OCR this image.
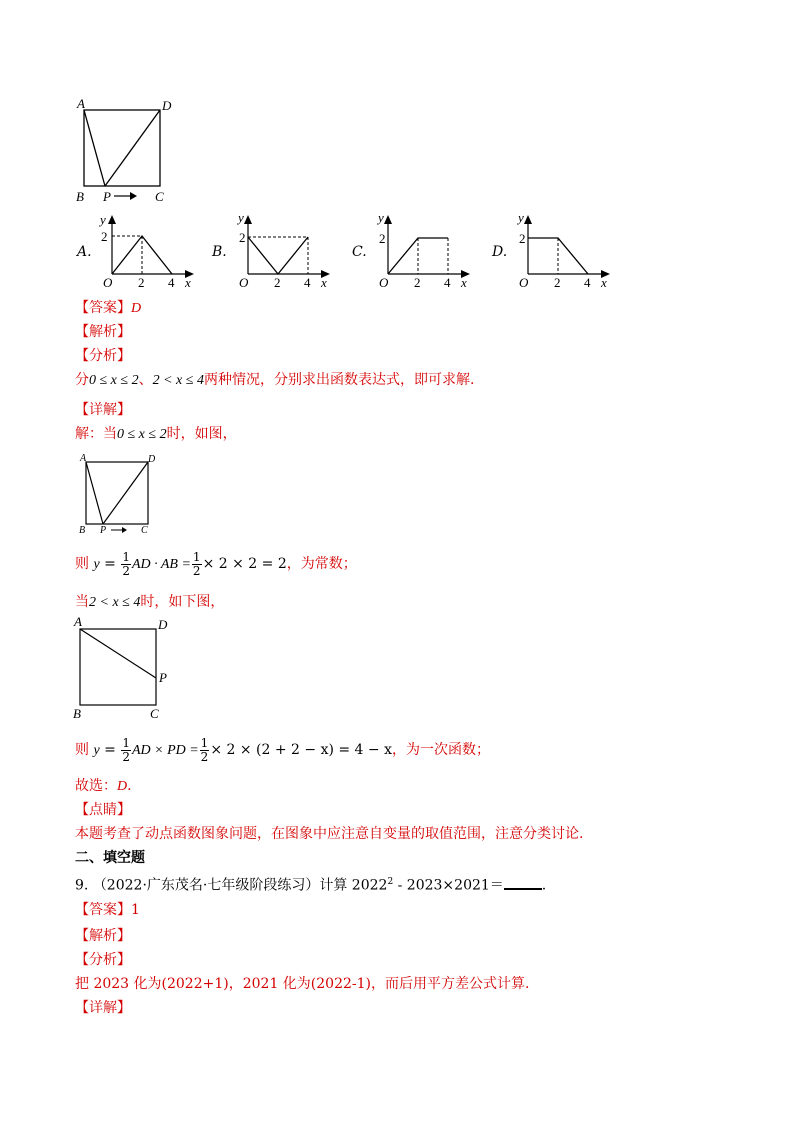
A	D
B P	C
A.
y
2
O 2 4 x
B.
y
2
O 2 4 x
C.
y
2
O 2 4 x
D.
y
2
O 2 4 x
【答案】D
【解析】
【分析】
分0 ≤ x ≤ 2、2 < x ≤ 4两种情况，分别求出函数表达式，即可求解.
【详解】
解：当0 ≤ x ≤ 2时，如图，
A	D
B P	C
则 $y = \frac{1}{2}$ AD · AB = $\frac{1}{2} \times 2 \times 2 = 2$，为常数；
当2 < x ≤ 4时，如下图，
A	D
P
B	C
则 $y = \frac{1}{2}$ AD × PD = $\frac{1}{2} \times 2 \times (2 + 2 - x) = 4 - x$，为一次函数；
故选：D.
【点睛】
本题考查了动点函数图象问题，在图象中应注意自变量的取值范围，注意分类讨论.
二、填空题
9. （2022·广东茂名·七年级阶段练习）计算 2022$^2$ - 2023×2021＝	.
【答案】1
【解析】
【分析】
把 2023 化为(2022+1)，2021 化为(2022-1)，而后用平方差公式计算.
【详解】
